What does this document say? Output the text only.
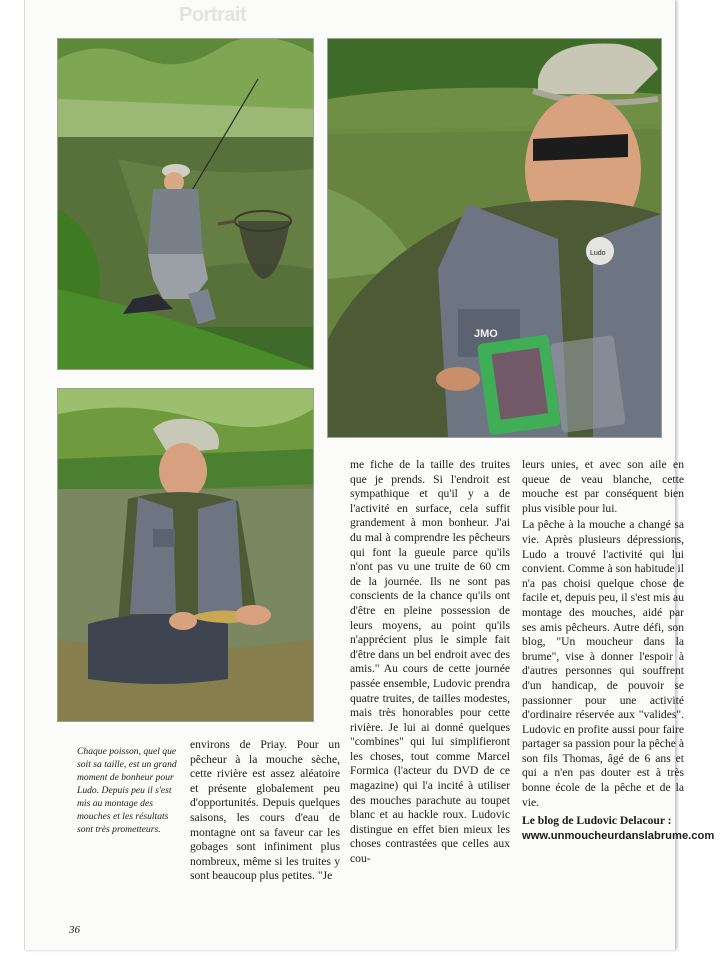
Portrait
JMO
Ludo
Chaque poisson, quel que soit sa taille, est un grand moment de bonheur pour Ludo. Depuis peu il s'est mis au montage des mouches et les résultats sont très prometteurs.

environs de Priay. Pour un pêcheur à la mouche sèche, cette rivière est assez aléatoire et présente globalement peu d'opportunités. Depuis quelques saisons, les cours d'eau de montagne ont sa faveur car les gobages sont infiniment plus nombreux, même si les truites y sont beaucoup plus petites. "Je

me fiche de la taille des truites que je prends. Si l'endroit est sympathique et qu'il y a de l'activité en surface, cela suffit grandement à mon bonheur. J'ai du mal à comprendre les pêcheurs qui font la gueule parce qu'ils n'ont pas vu une truite de 60 cm de la journée. Ils ne sont pas conscients de la chance qu'ils ont d'être en pleine possession de leurs moyens, au point qu'ils n'apprécient plus le simple fait d'être dans un bel endroit avec des amis." Au cours de cette journée passée ensemble, Ludovic prendra quatre truites, de tailles modestes, mais très honorables pour cette rivière. Je lui ai donné quelques "combines" qui lui simplifieront les choses, tout comme Marcel Formica (l'acteur du DVD de ce magazine) qui l'a incité à utiliser des mouches parachute au toupet blanc et au hackle roux. Ludovic distingue en effet bien mieux les choses contrastées que celles aux cou-

leurs unies, et avec son aile en queue de veau blanche, cette mouche est par conséquent bien plus visible pour lui.

La pêche à la mouche a changé sa vie. Après plusieurs dépressions, Ludo a trouvé l'activité qui lui convient. Comme à son habitude il n'a pas choisi quelque chose de facile et, depuis peu, il s'est mis au montage des mouches, aidé par ses amis pêcheurs. Autre défi, son blog, "Un moucheur dans la brume", vise à donner l'espoir à d'autres personnes qui souffrent d'un handicap, de pouvoir se passionner pour une activité d'ordinaire réservée aux "valides". Ludovic en profite aussi pour faire partager sa passion pour la pêche à son fils Thomas, âgé de 6 ans et qui a n'en pas douter est à très bonne école de la pêche et de la vie.

Le blog de Ludovic Delacour :
www.unmoucheurdanslabrume.com
36
